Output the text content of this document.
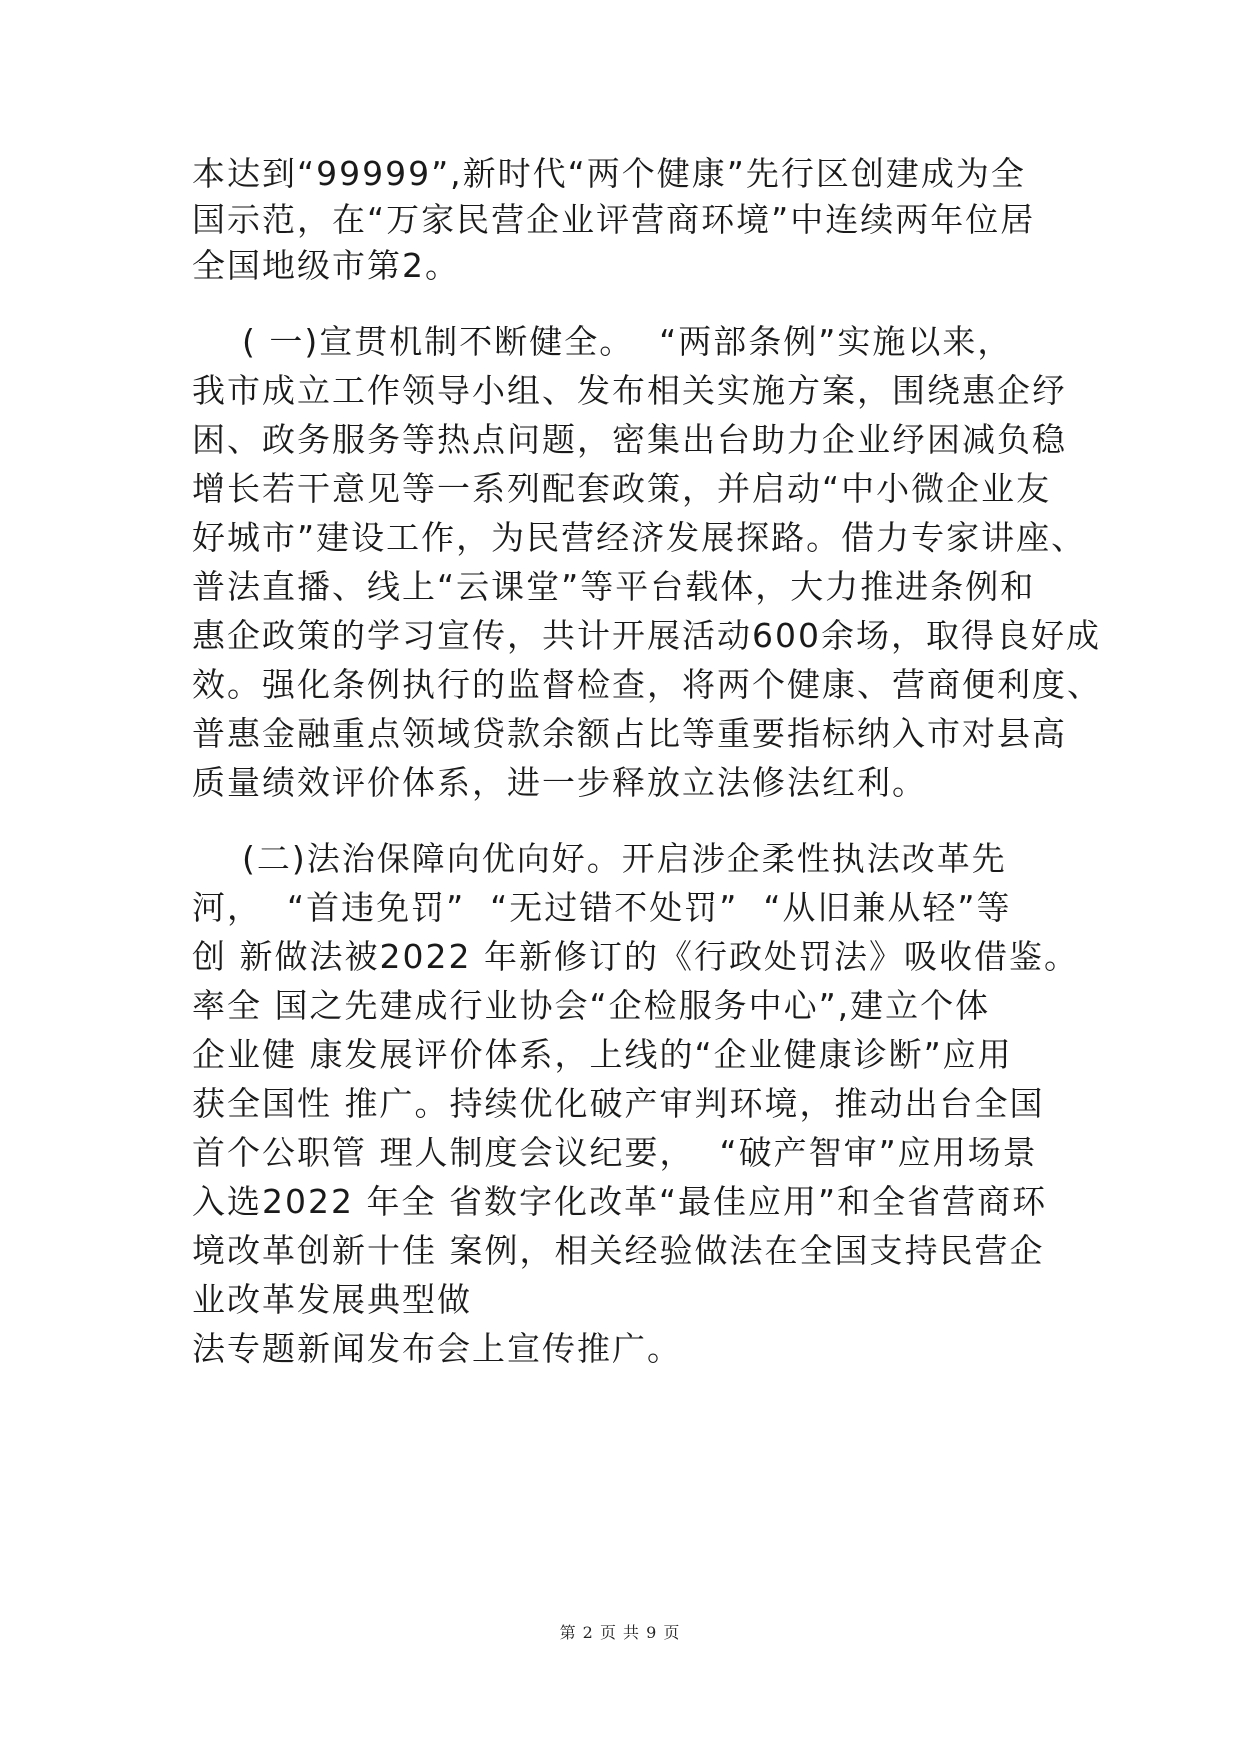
本达到“99999”,新时代“两个健康”先行区创建成为全
国示范，在“万家民营企业评营商环境”中连续两年位居
全国地级市第2。
( 一)宣贯机制不断健全。  “两部条例”实施以来，
我市成立工作领导小组、发布相关实施方案，围绕惠企纾
困、政务服务等热点问题，密集出台助力企业纾困减负稳
增长若干意见等一系列配套政策，并启动“中小微企业友
好城市”建设工作，为民营经济发展探路。借力专家讲座、
普法直播、线上“云课堂”等平台载体，大力推进条例和
惠企政策的学习宣传，共计开展活动600余场，取得良好成
效。强化条例执行的监督检查，将两个健康、营商便利度、
普惠金融重点领域贷款余额占比等重要指标纳入市对县高
质量绩效评价体系，进一步释放立法修法红利。
(二)法治保障向优向好。开启涉企柔性执法改革先
河，  “首违免罚”  “无过错不处罚”  “从旧兼从轻”等
创 新做法被2022 年新修订的《行政处罚法》吸收借鉴。
率全 国之先建成行业协会“企检服务中心”,建立个体
企业健 康发展评价体系，上线的“企业健康诊断”应用
获全国性 推广。持续优化破产审判环境，推动出台全国
首个公职管 理人制度会议纪要，  “破产智审”应用场景
入选2022 年全 省数字化改革“最佳应用”和全省营商环
境改革创新十佳 案例，相关经验做法在全国支持民营企
业改革发展典型做
法专题新闻发布会上宣传推广。
第 2 页 共 9 页
